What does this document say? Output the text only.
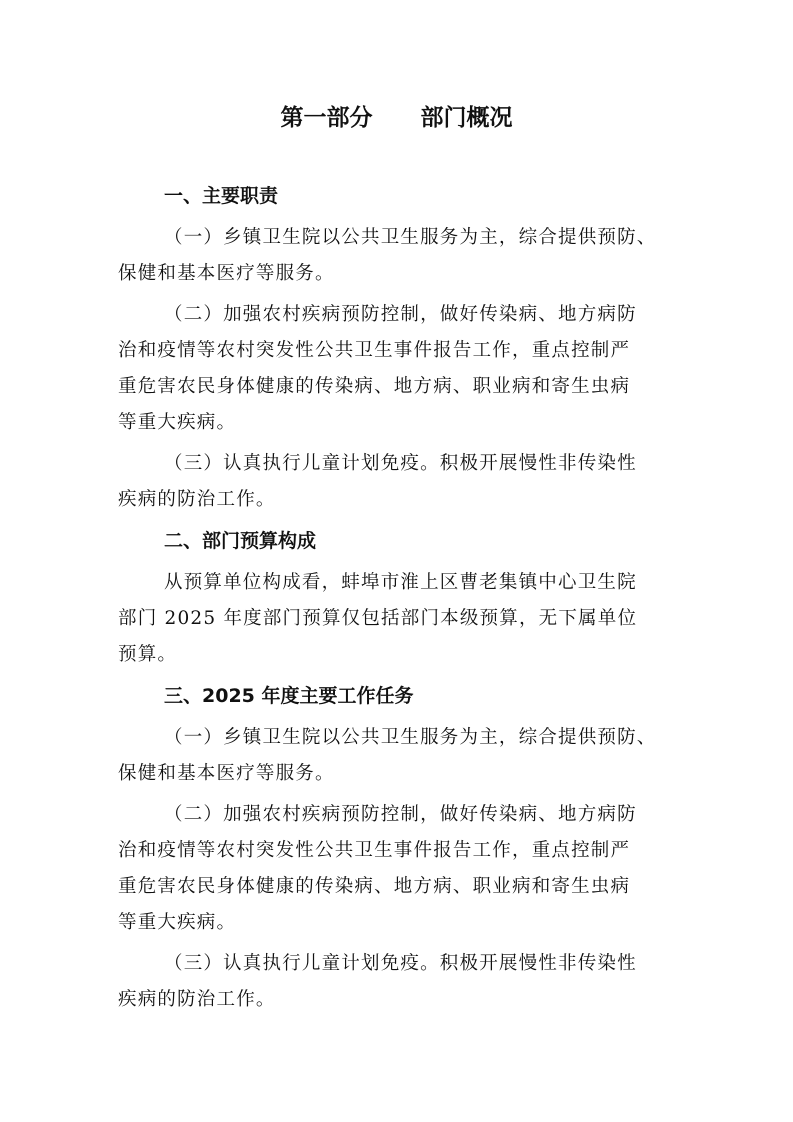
第一部分      部门概况
一、主要职责
（一）乡镇卫生院以公共卫生服务为主，综合提供预防、
保健和基本医疗等服务。
（二）加强农村疾病预防控制，做好传染病、地方病防
治和疫情等农村突发性公共卫生事件报告工作，重点控制严
重危害农民身体健康的传染病、地方病、职业病和寄生虫病
等重大疾病。
（三）认真执行儿童计划免疫。积极开展慢性非传染性
疾病的防治工作。
二、部门预算构成
从预算单位构成看，蚌埠市淮上区曹老集镇中心卫生院
部门 2025 年度部门预算仅包括部门本级预算，无下属单位
预算。
三、2025 年度主要工作任务
（一）乡镇卫生院以公共卫生服务为主，综合提供预防、
保健和基本医疗等服务。
（二）加强农村疾病预防控制，做好传染病、地方病防
治和疫情等农村突发性公共卫生事件报告工作，重点控制严
重危害农民身体健康的传染病、地方病、职业病和寄生虫病
等重大疾病。
（三）认真执行儿童计划免疫。积极开展慢性非传染性
疾病的防治工作。
